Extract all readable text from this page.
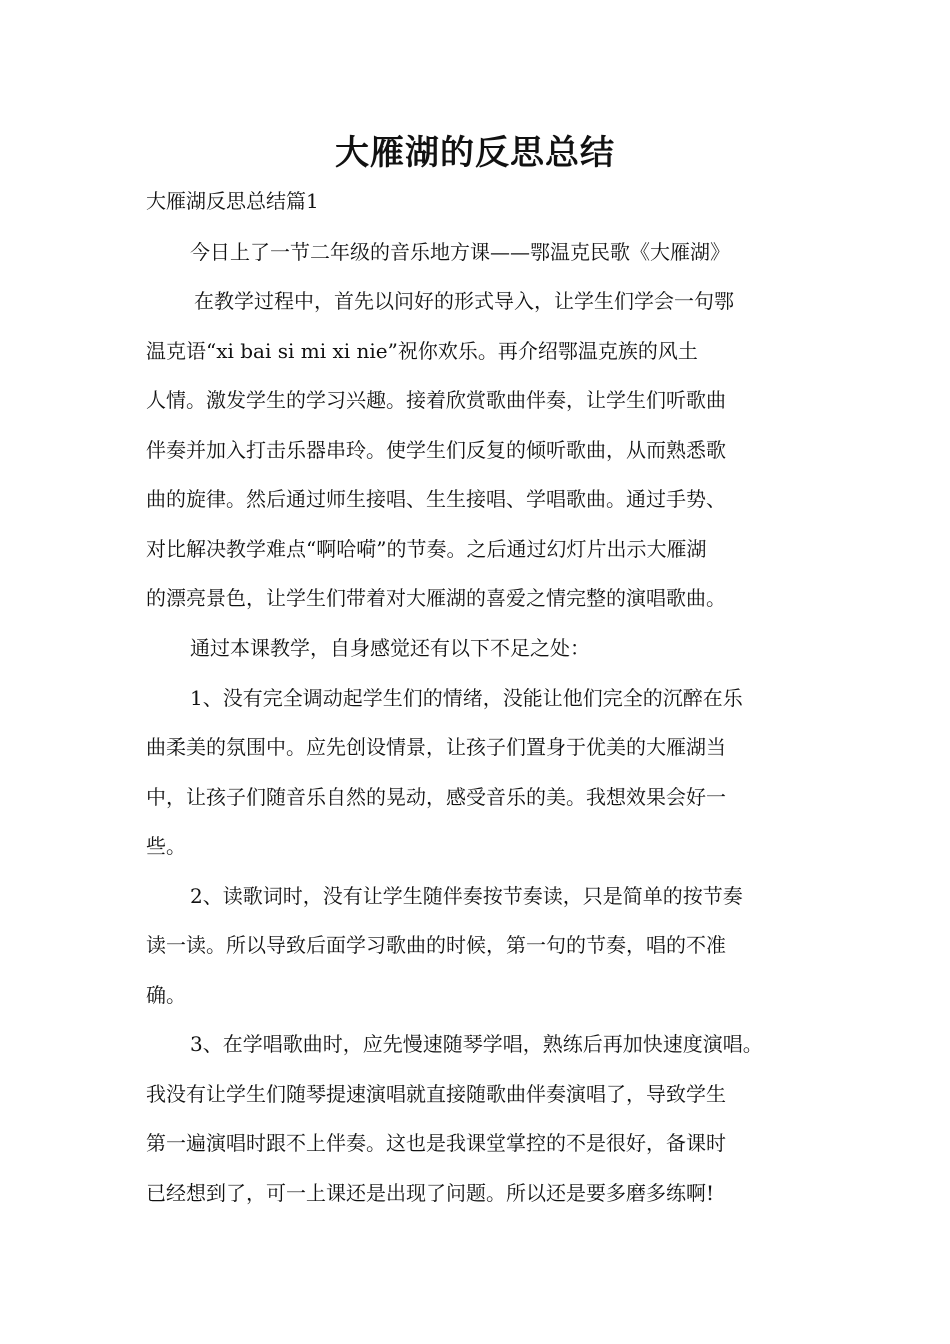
大雁湖的反思总结

大雁湖反思总结篇1

今日上了一节二年级的音乐地方课——鄂温克民歌《大雁湖》

在教学过程中，首先以问好的形式导入，让学生们学会一句鄂

温克语“xi bai si mi xi nie”祝你欢乐。再介绍鄂温克族的风土

人情。激发学生的学习兴趣。接着欣赏歌曲伴奏，让学生们听歌曲

伴奏并加入打击乐器串玲。使学生们反复的倾听歌曲，从而熟悉歌

曲的旋律。然后通过师生接唱、生生接唱、学唱歌曲。通过手势、

对比解决教学难点“啊哈嗬”的节奏。之后通过幻灯片出示大雁湖

的漂亮景色，让学生们带着对大雁湖的喜爱之情完整的演唱歌曲。

通过本课教学，自身感觉还有以下不足之处：

1、没有完全调动起学生们的情绪，没能让他们完全的沉醉在乐

曲柔美的氛围中。应先创设情景，让孩子们置身于优美的大雁湖当

中，让孩子们随音乐自然的晃动，感受音乐的美。我想效果会好一

些。

2、读歌词时，没有让学生随伴奏按节奏读，只是简单的按节奏

读一读。所以导致后面学习歌曲的时候，第一句的节奏，唱的不准

确。

3、在学唱歌曲时，应先慢速随琴学唱，熟练后再加快速度演唱。

我没有让学生们随琴提速演唱就直接随歌曲伴奏演唱了，导致学生

第一遍演唱时跟不上伴奏。这也是我课堂掌控的不是很好，备课时

已经想到了，可一上课还是出现了问题。所以还是要多磨多练啊!
